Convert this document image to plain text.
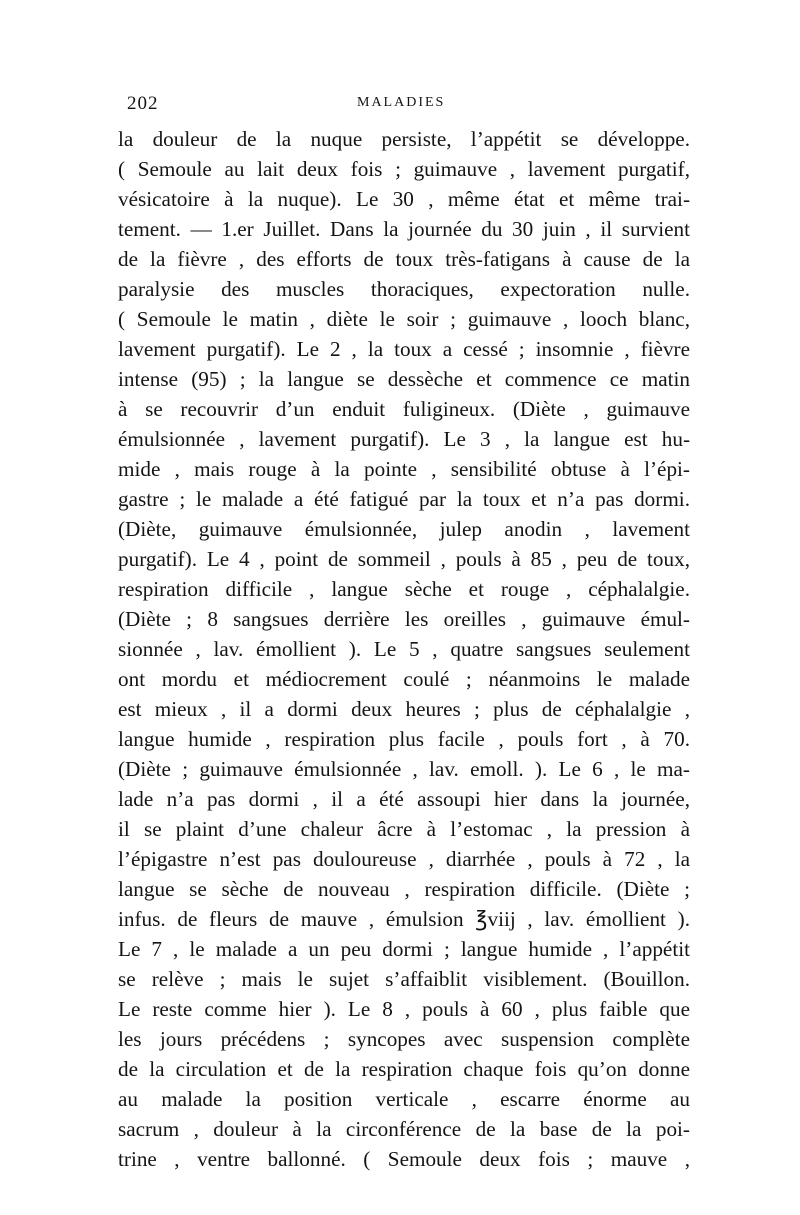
202	MALADIES
la douleur de la nuque persiste, l’appétit se développe.
( Semoule au lait deux fois ; guimauve , lavement purgatif,
vésicatoire à la nuque). Le 30 , même état et même trai-
tement. — 1.er Juillet. Dans la journée du 30 juin , il survient
de la fièvre , des efforts de toux très-fatigans à cause de la
paralysie des muscles thoraciques, expectoration nulle.
( Semoule le matin , diète le soir ; guimauve , looch blanc,
lavement purgatif). Le 2 , la toux a cessé ; insomnie , fièvre
intense (95) ; la langue se dessèche et commence ce matin
à se recouvrir d’un enduit fuligineux. (Diète , guimauve
émulsionnée , lavement purgatif). Le 3 , la langue est hu-
mide , mais rouge à la pointe , sensibilité obtuse à l’épi-
gastre ; le malade a été fatigué par la toux et n’a pas dormi.
(Diète, guimauve émulsionnée, julep anodin , lavement
purgatif). Le 4 , point de sommeil , pouls à 85 , peu de toux,
respiration difficile , langue sèche et rouge , céphalalgie.
(Diète ; 8 sangsues derrière les oreilles , guimauve émul-
sionnée , lav. émollient ). Le 5 , quatre sangsues seulement
ont mordu et médiocrement coulé ; néanmoins le malade
est mieux , il a dormi deux heures ; plus de céphalalgie ,
langue humide , respiration plus facile , pouls fort , à 70.
(Diète ; guimauve émulsionnée , lav. emoll. ). Le 6 , le ma-
lade n’a pas dormi , il a été assoupi hier dans la journée,
il se plaint d’une chaleur âcre à l’estomac , la pression à
l’épigastre n’est pas douloureuse , diarrhée , pouls à 72 , la
langue se sèche de nouveau , respiration difficile. (Diète ;
infus. de fleurs de mauve , émulsion ℥viij , lav. émollient ).
Le 7 , le malade a un peu dormi ; langue humide , l’appétit
se relève ; mais le sujet s’affaiblit visiblement. (Bouillon.
Le reste comme hier ). Le 8 , pouls à 60 , plus faible que
les jours précédens ; syncopes avec suspension complète
de la circulation et de la respiration chaque fois qu’on donne
au malade la position verticale , escarre énorme au
sacrum , douleur à la circonférence de la base de la poi-
trine , ventre ballonné. ( Semoule deux fois ; mauve ,
